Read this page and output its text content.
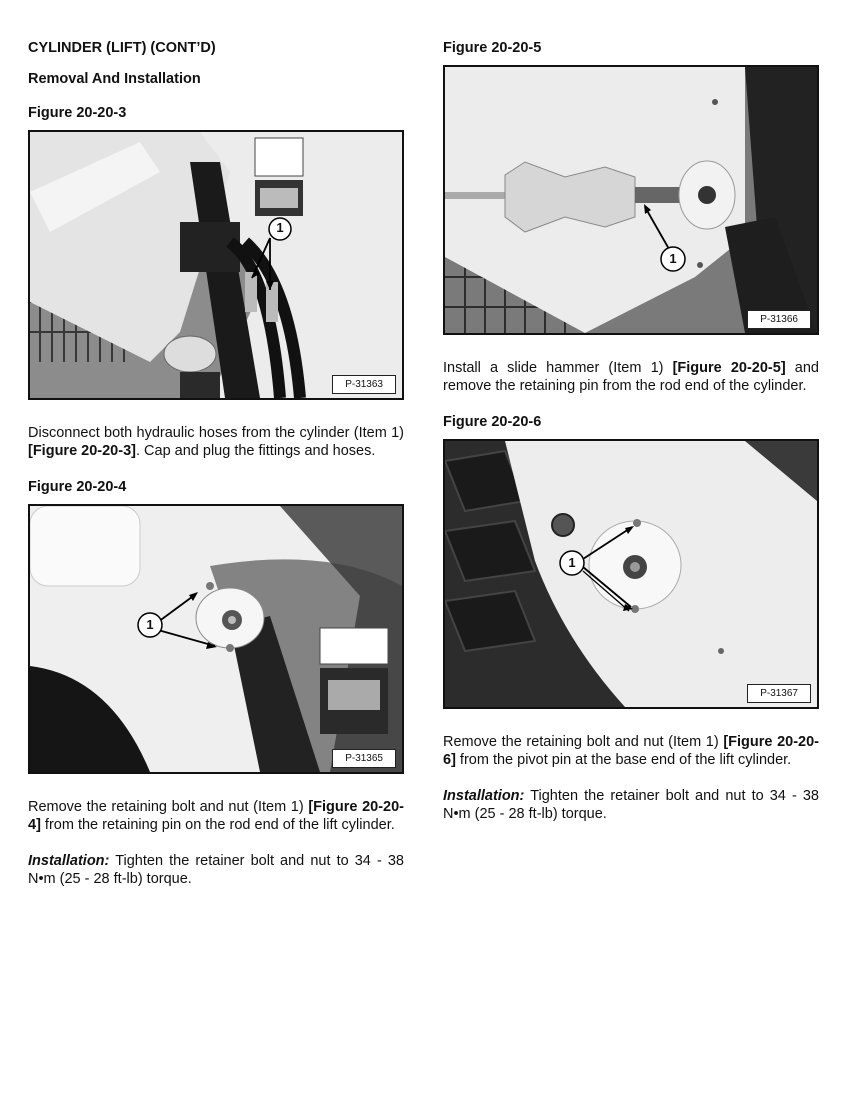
CYLINDER (LIFT) (CONT’D)
Removal And Installation
Figure 20-20-3
1
P-31363

Disconnect both hydraulic hoses from the cylinder (Item 1) [Figure 20-20-3]. Cap and plug the fittings and hoses.

Figure 20-20-4
1
P-31365

Remove the retaining bolt and nut (Item 1) [Figure 20-20-4] from the retaining pin on the rod end of the lift cylinder.

Installation: Tighten the retainer bolt and nut to 34 - 38 N•m (25 - 28 ft-lb) torque.

Figure 20-20-5
1
P-31366

Install a slide hammer (Item 1) [Figure 20-20-5] and remove the retaining pin from the rod end of the cylinder.

Figure 20-20-6
1
P-31367

Remove the retaining bolt and nut (Item 1) [Figure 20-20-6] from the pivot pin at the base end of the lift cylinder.

Installation: Tighten the retainer bolt and nut to 34 - 38 N•m (25 - 28 ft-lb) torque.
